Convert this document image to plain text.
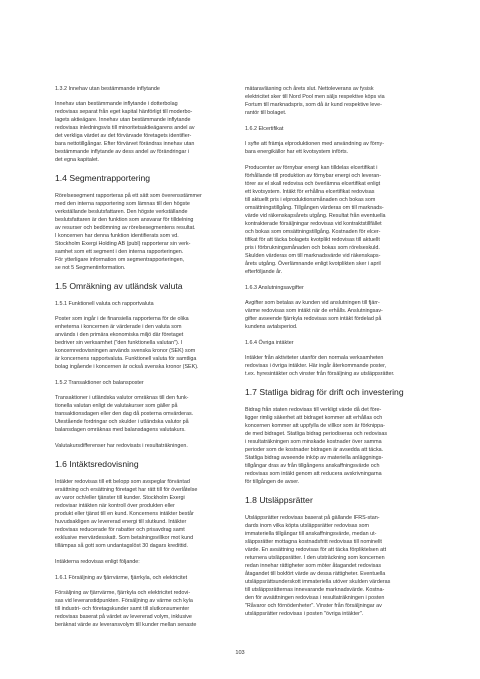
1.3.2 Innehav utan bestämmande inflytande
Innehav utan bestämmande inflytande i dotterbolag
redovisas separat från eget kapital hänförligt till moderbo-
lagets aktieägare. Innehav utan bestämmande inflytande
redovisas inledningsvis till minoritetsaktieägarens andel av
det verkliga värdet av det förvärvade företagets identifier-
bara nettotillgångar. Efter förvärvet förändras innehav utan
bestämmande inflytande av dess andel av förändringar i
det egna kapitalet.
1.4 Segmentrapportering
Rörelsesegment rapporteras på ett sätt som överensstämmer
med den interna rapportering som lämnas till den högste
verkställande beslutsfattaren. Den högste verkställande
beslutsfattaren är den funktion som ansvarar för tilldelning
av resurser och bedömning av rörelsesegmentens resultat.
I koncernen har denna funktion identifierats som vd.
Stockholm Exergi Holding AB (publ) rapporterar sin verk-
samhet som ett segment i den interna rapporteringen.
För ytterligare information om segmentrapporteringen,
se not 5 Segmentinformation.
1.5 Omräkning av utländsk valuta
1.5.1 Funktionell valuta och rapportvaluta
Poster som ingår i de finansiella rapporterna för de olika
enheterna i koncernen är värderade i den valuta som
används i den primära ekonomiska miljö där företaget
bedriver sin verksamhet ("den funktionella valutan"). I
koncernredovisningen används svenska kronor (SEK) som
är koncernens rapportvaluta. Funktionell valuta för samtliga
bolag ingående i koncernen är också svenska kronor (SEK).
1.5.2 Transaktioner och balansposter
Transaktioner i utländska valutor omräknas till den funk-
tionella valutan enligt de valutakurser som gäller på
transaktionsdagen eller den dag då posterna omvärderas.
Utestående fordringar och skulder i utländska valutor på
balansdagen omräknas med balansdagens valutakurs.
Valutakursdifferenser har redovisats i resultaträkningen.
1.6 Intäktsredovisning
Intäkter redovisas till ett belopp som avspeglar förväntad
ersättning och ersättning företaget har rätt till för överlåtelse
av varor och/eller tjänster till kunder. Stockholm Exergi
redovisar intäkten när kontroll över produkten eller
produkt eller tjänst till en kund. Koncernens intäkter består
huvudsakligen av levererad energi till slutkund. Intäkter
redovisas reducerade för rabatter och prisavdrag samt
exklusive mervärdesskatt. Som betalningsvillkor mot kund
tillämpas så gott som undantagslöst 30 dagars kredittid.
Intäkterna redovisas enligt följande:
1.6.1 Försäljning av fjärrvärme, fjärrkyla, och elektricitet
Försäljning av fjärrvärme, fjärrkyla och elektricitet redovi-
sas vid leveranstidpunkten. Försäljning av värme och kyla
till industri- och företagskunder samt till slutkonsumenter
redovisas baserat på värdet av levererad volym, inklusive
beräknat värde av leveransvolym till kunder mellan senaste
mätaravläsning och årets slut. Nettoleverans av fysisk
elektricitet sker till Nord Pool men säljs respektive köps via
Fortum till marknadspris, som då är kund respektive leve-
rantör till bolaget.
1.6.2 Elcertifikat
I syfte att främja elproduktionen med användning av förny-
bara energikällor har ett kvotsystem införts.
Producenter av förnybar energi kan tilldelas elcertifikat i
förhållande till produktion av förnybar energi och leveran-
törer av el skall redovisa och överlämna elcertifikat enligt
ett kvotsystem. Intäkt för erhållna elcertifikat redovisas
till aktuellt pris i elproduktionsmånaden och bokas som
omsättningstillgång. Tillgången värderas om till marknads-
värde vid räkenskapsårets utgång. Resultat från eventuella
kontrakterade försäljningar redovisas vid kontraktstillfället
och bokas som omsättningstillgång. Kostnaden för elcer-
tifikat för att täcka bolagets kvotplikt redovisas till aktuellt
pris i förbrukningsmånaden och bokas som rörelseskuld.
Skulden värderas om till marknadsvärde vid räkenskaps-
årets utgång. Överlämnande enligt kvotplikten sker i april
efterföljande år.
1.6.3 Anslutningsavgifter
Avgifter som betalas av kunden vid anslutningen till fjärr-
värme redovisas som intäkt när de erhålls. Anslutningsav-
gifter avseende fjärrkyla redovisas som intäkt fördelad på
kundens avtalsperiod.
1.6.4 Övriga intäkter
Intäkter från aktiviteter utanför den normala verksamheten
redovisas i övriga intäkter. Här ingår återkommande poster,
t.ex. hyresintäkter och vinster från försäljning av utsläppsrätter.
1.7 Statliga bidrag för drift och investering
Bidrag från staten redovisas till verkligt värde då det före-
ligger rimlig säkerhet att bidraget kommer att erhållas och
koncernen kommer att uppfylla de villkor som är förknippa-
de med bidraget. Statliga bidrag periodiseras och redovisas
i resultaträkningen som minskade kostnader över samma
perioder som de kostnader bidragen är avsedda att täcka.
Statliga bidrag avseende inköp av materiella anläggnings-
tillgångar dras av från tillgångens anskaffningsvärde och
redovisas som intäkt genom att reducera avskrivningarna
för tillgången de avser.
1.8 Utsläppsrätter
Utsläppsrätter redovisas baserat på gällande IFRS-stan-
dards inom vilka köpta utsläppsrätter redovisas som
immateriella tillgångar till anskaffningsvärde, medan ut-
släppsrätter mottagna kostnadsfritt redovisas till nominellt
värde. En avsättning redovisas för att täcka förpliktelsen att
returnera utsläppsrätter. I den utsträckning som koncernen
redan innehar rättigheter som möter åtagandet redovisas
åtagandet till bokfört värde av dessa rättigheter. Eventuella
utsläppsrättsunderskott immateriella utöver skulden värderas
till utsläppsrätternas innevarande marknadsvärde. Kostna-
den för avsättningen redovisas i resultaträkningen i posten
"Råvaror och förnödenheter". Vinster från försäljningar av
utsläppsrätter redovisas i posten "övriga intäkter".
103
